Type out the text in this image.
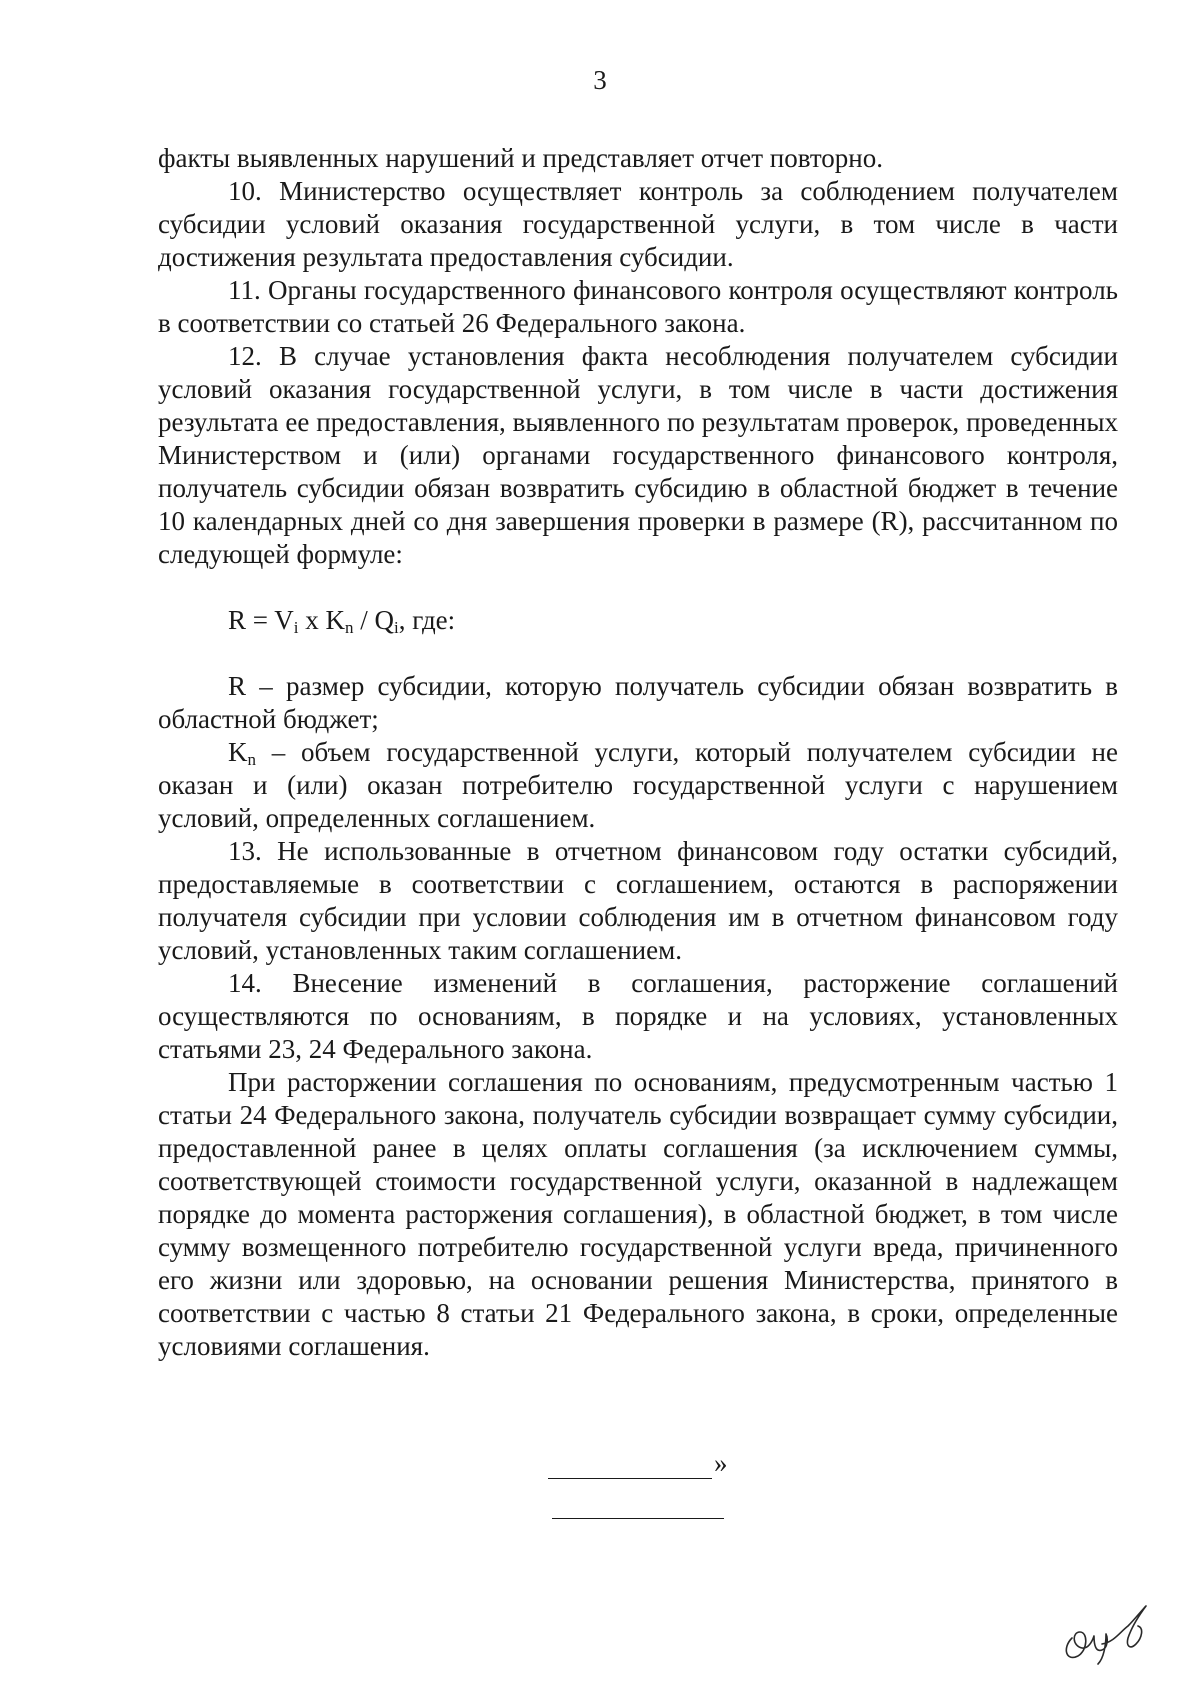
3

факты выявленных нарушений и представляет отчет повторно.

10. Министерство осуществляет контроль за соблюдением получателем субсидии условий оказания государственной услуги, в том числе в части достижения результата предоставления субсидии.

11. Органы государственного финансового контроля осуществляют контроль в соответствии со статьей 26 Федерального закона.

12. В случае установления факта несоблюдения получателем субсидии условий оказания государственной услуги, в том числе в части достижения результата ее предоставления, выявленного по результатам проверок, проведенных Министерством и (или) органами государственного финансового контроля, получатель субсидии обязан возвратить субсидию в областной бюджет в течение 10 календарных дней со дня завершения проверки в размере (R), рассчитанном по следующей формуле:

$R = V_i$ x $K_n / Q_i$, где:

R – размер субсидии, которую получатель субсидии обязан возвратить в областной бюджет;

$K_n$ – объем государственной услуги, который получателем субсидии не оказан и (или) оказан потребителю государственной услуги с нарушением условий, определенных соглашением.

13. Не использованные в отчетном финансовом году остатки субсидий, предоставляемые в соответствии с соглашением, остаются в распоряжении получателя субсидии при условии соблюдения им в отчетном финансовом году условий, установленных таким соглашением.

14. Внесение изменений в соглашения, расторжение соглашений осуществляются по основаниям, в порядке и на условиях, установленных статьями 23, 24 Федерального закона.

При расторжении соглашения по основаниям, предусмотренным частью 1 статьи 24 Федерального закона, получатель субсидии возвращает сумму субсидии, предоставленной ранее в целях оплаты соглашения (за исключением суммы, соответствующей стоимости государственной услуги, оказанной в надлежащем порядке до момента расторжения соглашения), в областной бюджет, в том числе сумму возмещенного потребителю государственной услуги вреда, причиненного его жизни или здоровью, на основании решения Министерства, принятого в соответствии с частью 8 статьи 21 Федерального закона, в сроки, определенные условиями соглашения.

»
